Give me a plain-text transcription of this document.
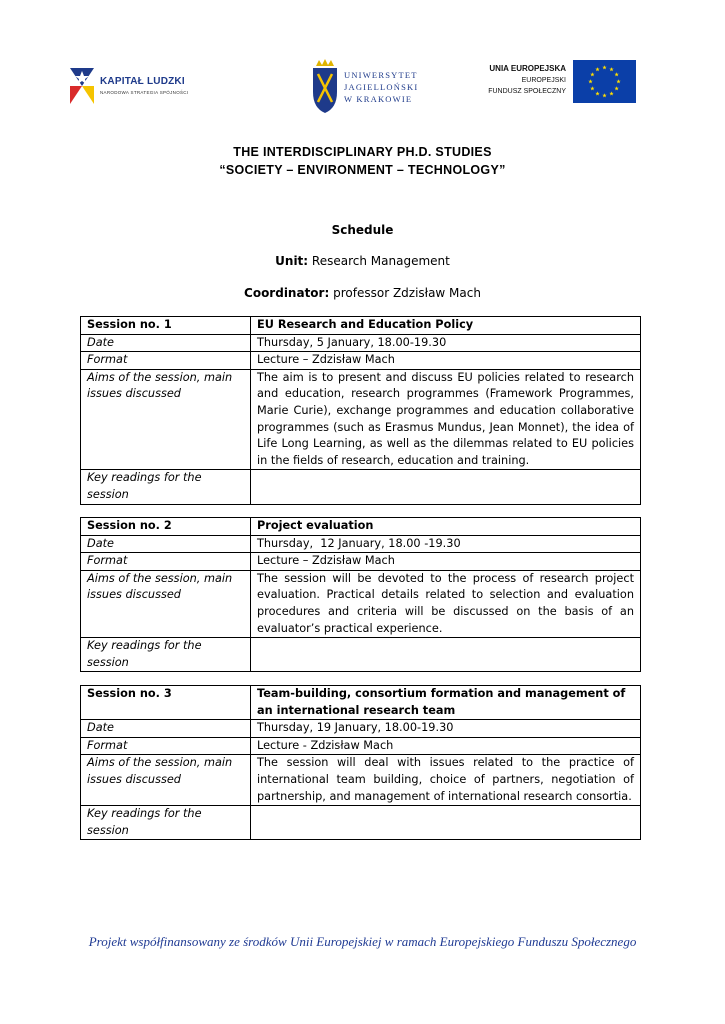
KAPITAŁ LUDZKI
NARODOWA STRATEGIA SPÓJNOŚCI
UNIWERSYTET
JAGIELLOŃSKI
W KRAKOWIE
UNIA EUROPEJSKA
EUROPEJSKI
FUNDUSZ SPOŁECZNY
THE INTERDISCIPLINARY PH.D. STUDIES
“SOCIETY – ENVIRONMENT – TECHNOLOGY”
Schedule
Unit: Research Management
Coordinator: professor Zdzisław Mach
Session no. 1	EU Research and Education Policy
Date	Thursday, 5 January, 18.00-19.30
Format	Lecture – Zdzisław Mach
Aims of the session, main issues discussed	The aim is to present and discuss EU policies related to research and education, research programmes (Framework Programmes, Marie Curie), exchange programmes and education collaborative programmes (such as Erasmus Mundus, Jean Monnet), the idea of Life Long Learning, as well as the dilemmas related to EU policies in the fields of research, education and training.
Key readings for the session	
Session no. 2	Project evaluation
Date	Thursday,  12 January, 18.00 -19.30
Format	Lecture – Zdzisław Mach
Aims of the session, main issues discussed	The session will be devoted to the process of research project evaluation. Practical details related to selection and evaluation procedures and criteria will be discussed on the basis of an evaluator’s practical experience.
Key readings for the session	
Session no. 3	Team-building, consortium formation and management of an international research team
Date	Thursday, 19 January, 18.00-19.30
Format	Lecture - Zdzisław Mach
Aims of the session, main issues discussed	The session will deal with issues related to the practice of international team building, choice of partners, negotiation of partnership, and management of international research consortia.
Key readings for the session	
Projekt współfinansowany ze środków Unii Europejskiej w ramach Europejskiego Funduszu Społecznego
